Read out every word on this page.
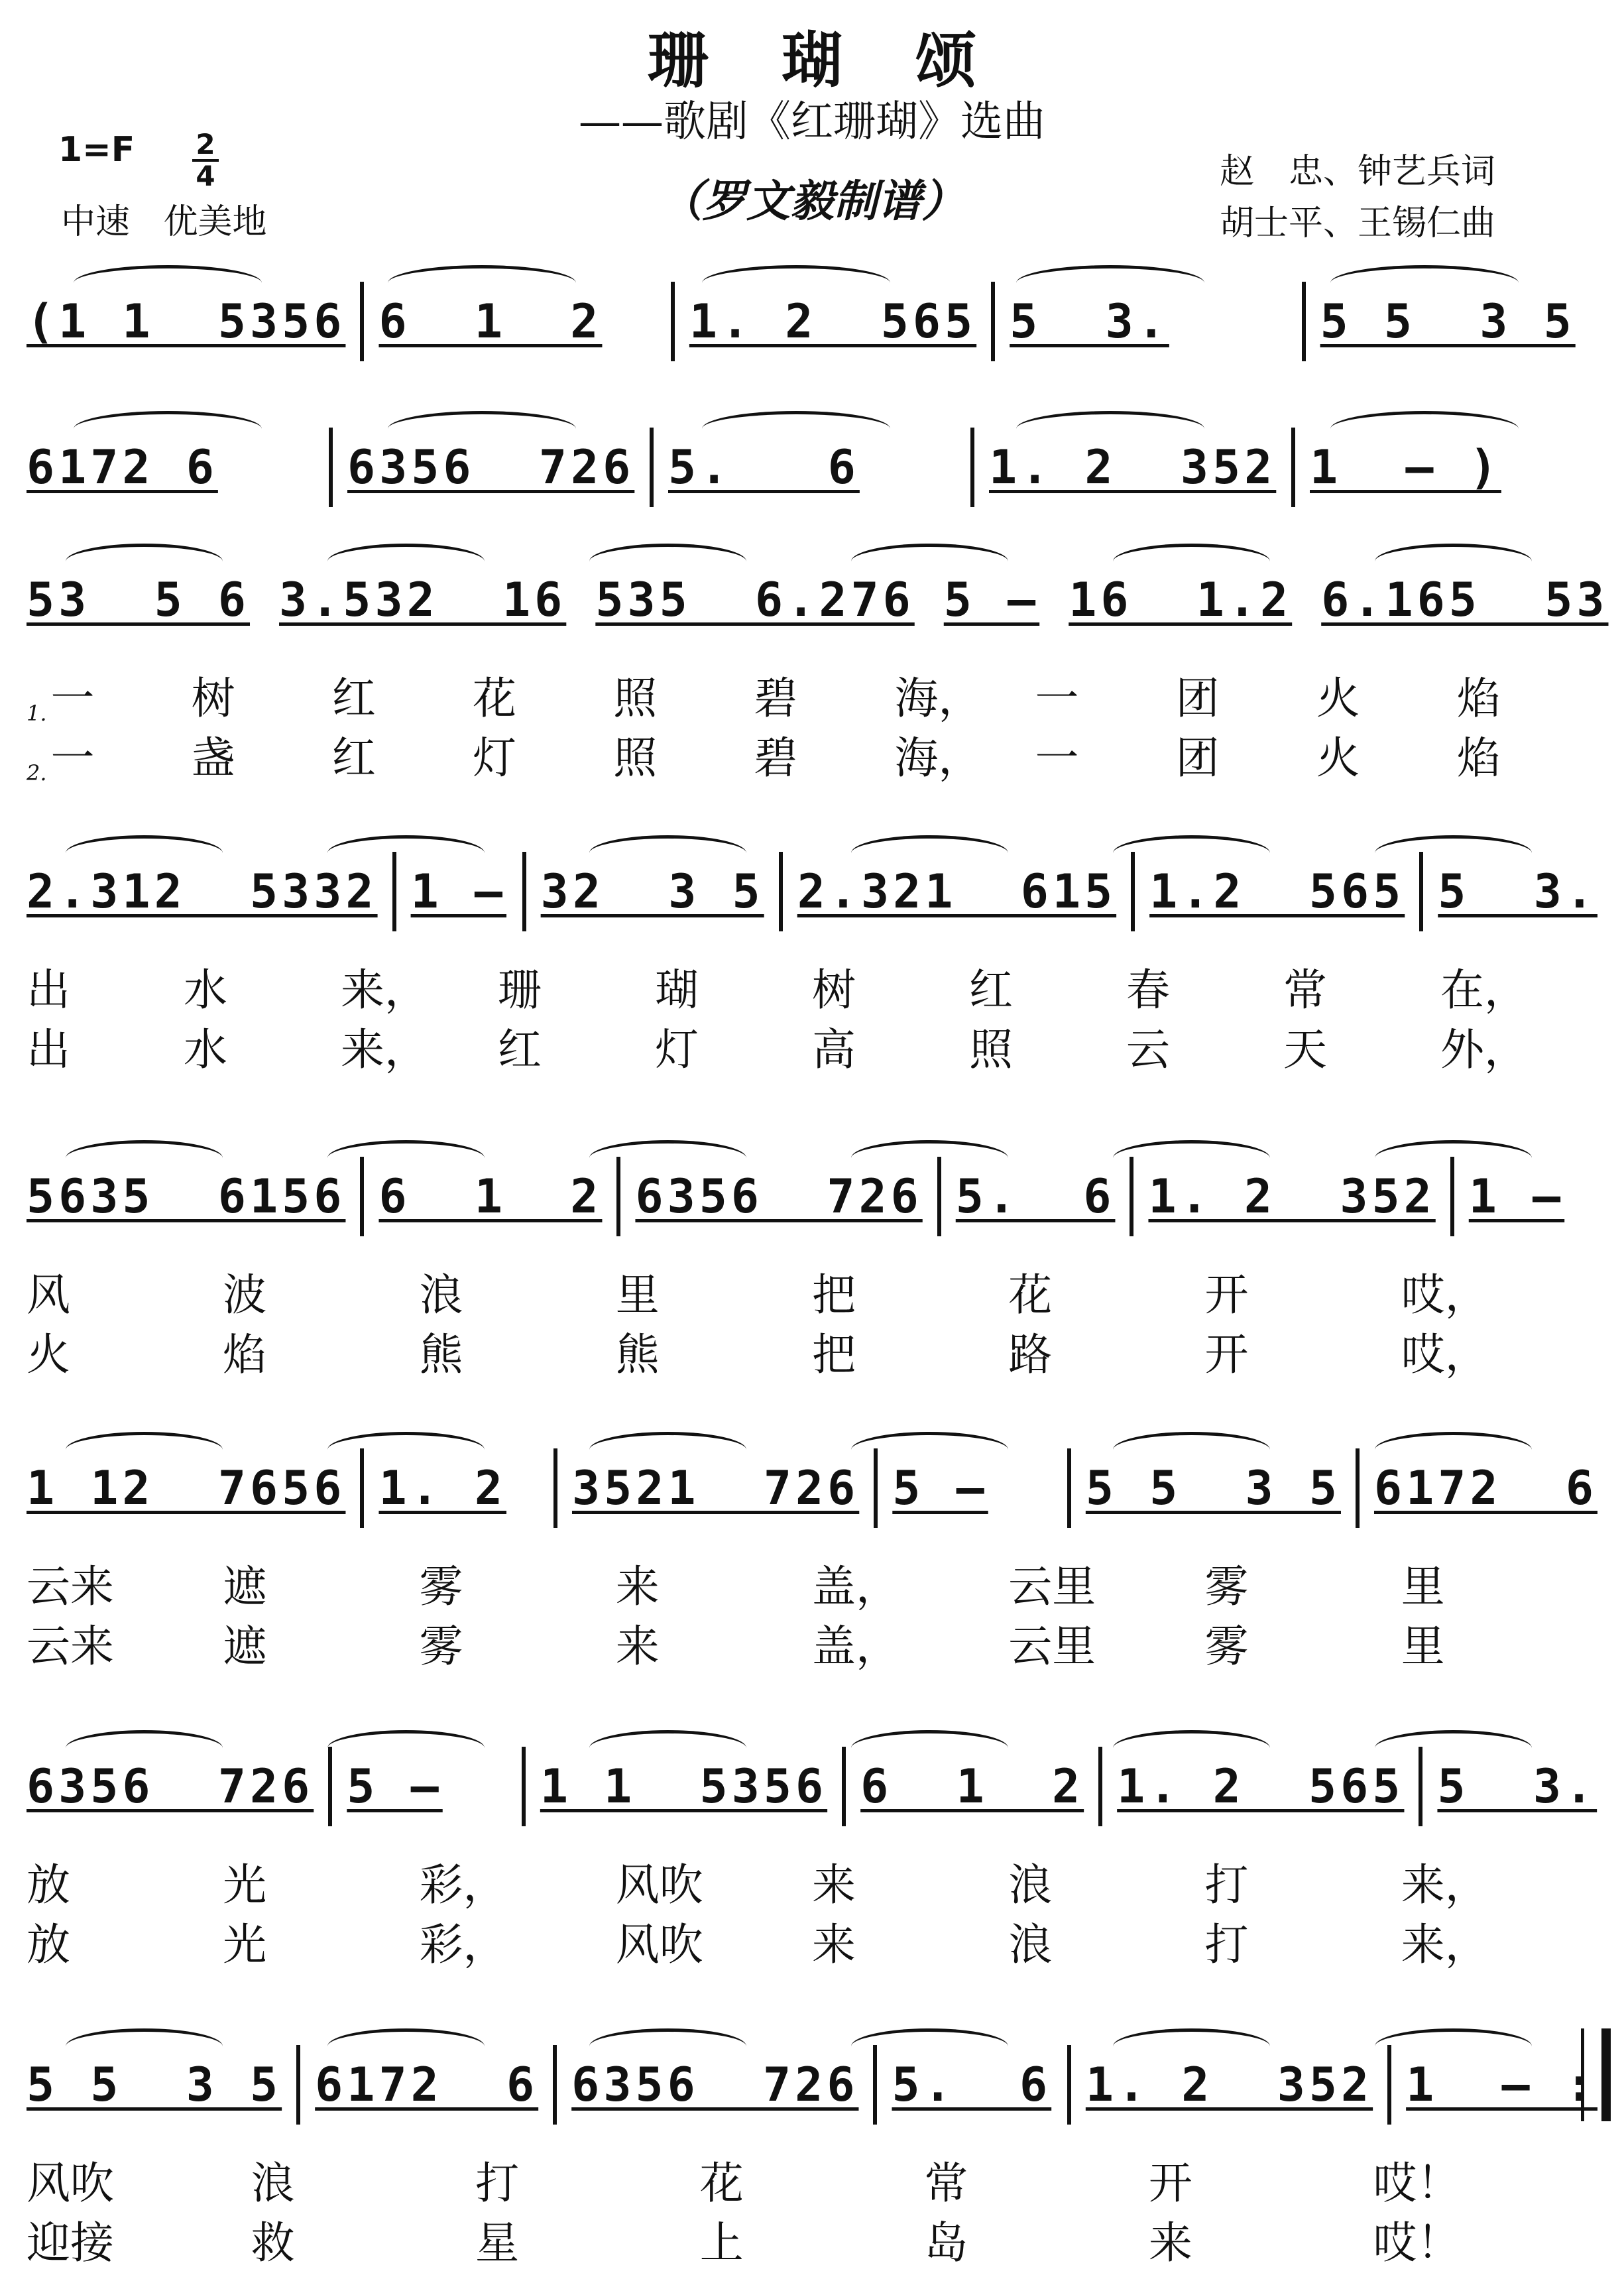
珊瑚颂
——歌剧《红珊瑚》选曲
（罗文毅制谱）
1=F 2
4
中速 优美地
赵　忠、钟艺兵词
胡士平、王锡仁曲
(1 1  5356 6  1  2	1. 2  565 5  3.	5 5  3 5
6172 6	6356  726 5.   6	1. 2  352 1  — )
53  5 6 3.532  16 535  6.276 5 — 16  1.2 6.165  53
1. 一	树	红	花	照	碧	海，	一	团	火	焰
2. 一	盏	红	灯	照	碧	海，	一	团	火	焰
2.312  5332 1 — 32  3 5 2.321  615 1.2  565 5  3.
出	水	来，	珊	瑚	树	红	春	常	在，
出	水	来，	红	灯	高	照	云	天	外，
5635  6156 6  1  2 6356  726 5.  6 1. 2  352 1 —
风	波	浪	里	把	花	开	哎，
火	焰	熊	熊	把	路	开	哎，
1 12  7656 1. 2	3521  726 5 —	5 5  3 5 6172  6
云来	遮	雾	来	盖，	云里	雾	里
云来	遮	雾	来	盖，	云里	雾	里
6356  726 5 —	1 1  5356 6  1  2 1. 2  565 5  3.
放	光	彩，	风吹	来	浪	打	来，
放	光	彩，	风吹	来	浪	打	来，
5 5  3 5 6172  6 6356  726 5.  6 1. 2  352 1  — :
风吹	浪	打	花	常	开	哎！
迎接	救	星	上	岛	来	哎！
